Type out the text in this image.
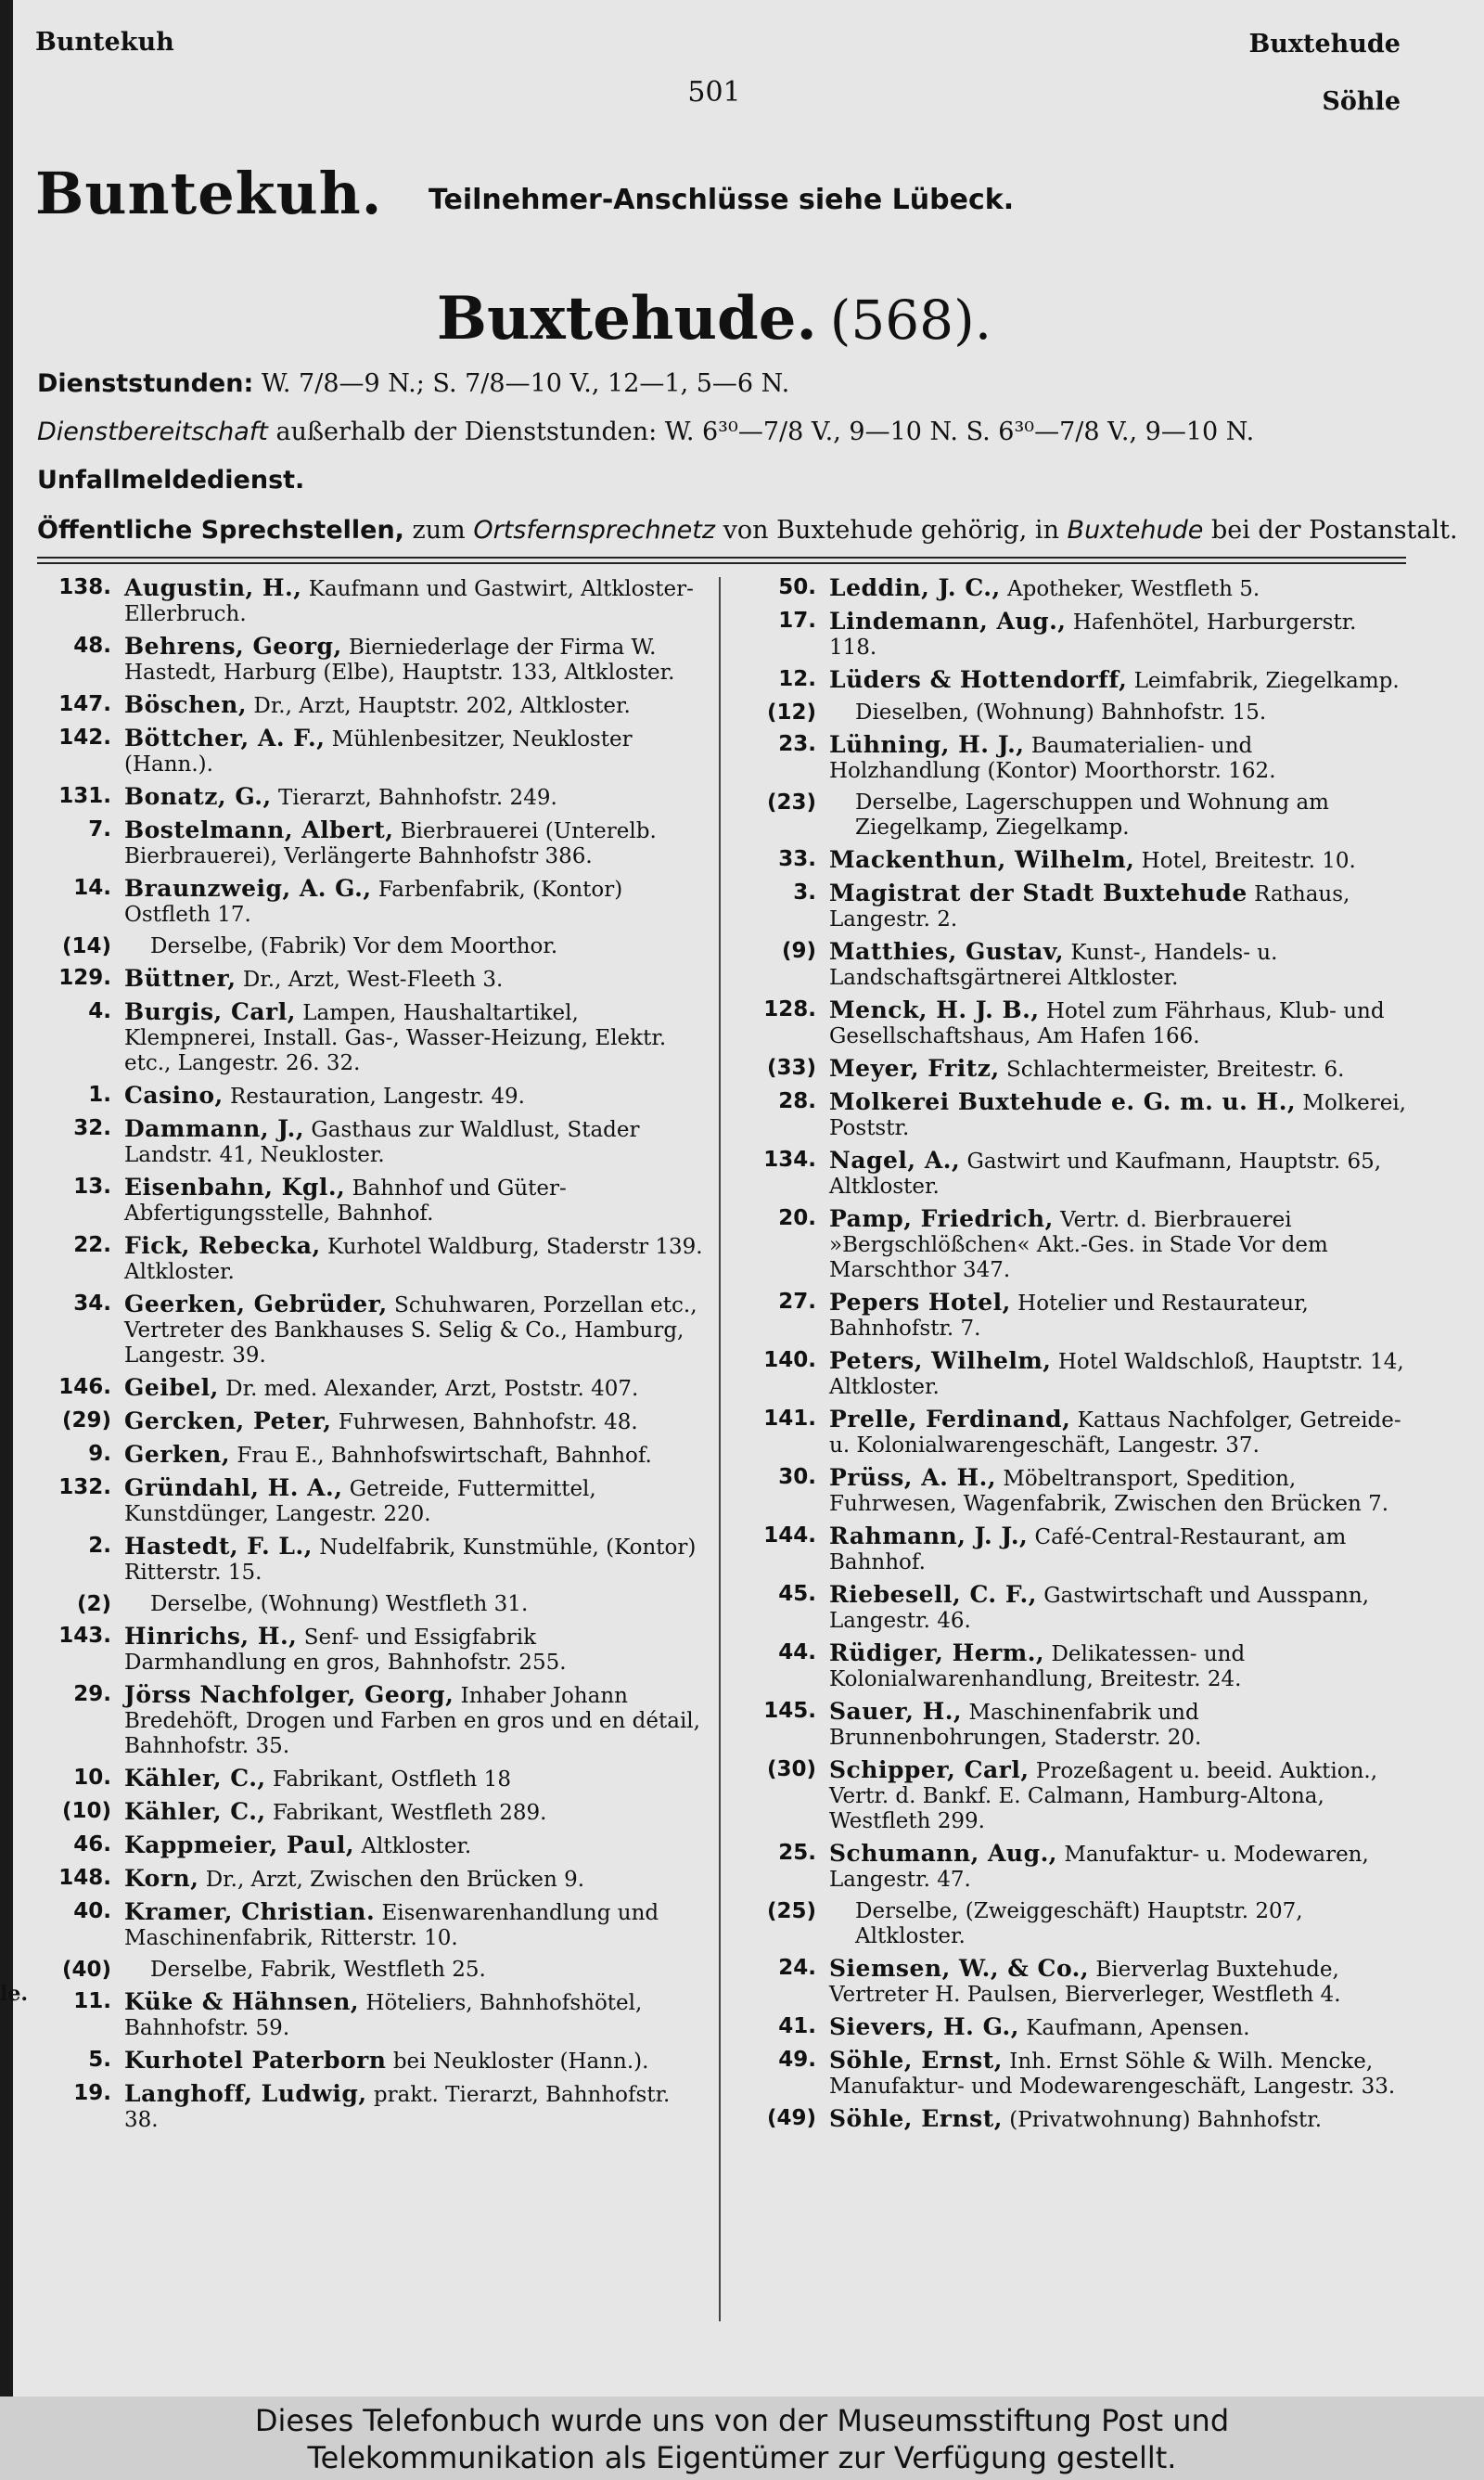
le.
Buntekuh
501
Buxtehude
Söhle
Buntekuh. Teilnehmer-Anschlüsse siehe Lübeck.
Buxtehude. (568).
Dienststunden: W. 7/8—9 N.; S. 7/8—10 V., 12—1, 5—6 N.
Dienstbereitschaft außerhalb der Dienststunden: W. 6³⁰—7/8 V., 9—10 N. S. 6³⁰—7/8 V., 9—10 N.
Unfallmeldedienst.
Öffentliche Sprechstellen, zum Ortsfernsprechnetz von Buxtehude gehörig, in Buxtehude bei der Postanstalt.
138. Augustin, H., Kaufmann und Gastwirt, Altkloster-Ellerbruch.
48. Behrens, Georg, Bierniederlage der Firma W. Hastedt, Harburg (Elbe), Hauptstr. 133, Altkloster.
147. Böschen, Dr., Arzt, Hauptstr. 202, Altkloster.
142. Böttcher, A. F., Mühlenbesitzer, Neukloster (Hann.).
131. Bonatz, G., Tierarzt, Bahnhofstr. 249.
7. Bostelmann, Albert, Bierbrauerei (Unterelb. Bierbrauerei), Verlängerte Bahnhofstr 386.
14. Braunzweig, A. G., Farbenfabrik, (Kontor) Ostfleth 17.
(14)	Derselbe, (Fabrik) Vor dem Moorthor.
129. Büttner, Dr., Arzt, West-Fleeth 3.
4. Burgis, Carl, Lampen, Haushaltartikel, Klempnerei, Install. Gas-, Wasser-Heizung, Elektr. etc., Langestr. 26. 32.
1. Casino, Restauration, Langestr. 49.
32. Dammann, J., Gasthaus zur Waldlust, Stader Landstr. 41, Neukloster.
13. Eisenbahn, Kgl., Bahnhof und Güter-Abfertigungsstelle, Bahnhof.
22. Fick, Rebecka, Kurhotel Waldburg, Staderstr 139. Altkloster.
34. Geerken, Gebrüder, Schuhwaren, Porzellan etc., Vertreter des Bankhauses S. Selig & Co., Hamburg, Langestr. 39.
146. Geibel, Dr. med. Alexander, Arzt, Poststr. 407.
(29) Gercken, Peter, Fuhrwesen, Bahnhofstr. 48.
9. Gerken, Frau E., Bahnhofswirtschaft, Bahnhof.
132. Gründahl, H. A., Getreide, Futtermittel, Kunstdünger, Langestr. 220.
2. Hastedt, F. L., Nudelfabrik, Kunstmühle, (Kontor) Ritterstr. 15.
(2)	Derselbe, (Wohnung) Westfleth 31.
143. Hinrichs, H., Senf- und Essigfabrik Darmhandlung en gros, Bahnhofstr. 255.
29. Jörss Nachfolger, Georg, Inhaber Johann Bredehöft, Drogen und Farben en gros und en détail, Bahnhofstr. 35.
10. Kähler, C., Fabrikant, Ostfleth 18
(10) Kähler, C., Fabrikant, Westfleth 289.
46. Kappmeier, Paul, Altkloster.
148. Korn, Dr., Arzt, Zwischen den Brücken 9.
40. Kramer, Christian. Eisenwarenhandlung und Maschinenfabrik, Ritterstr. 10.
(40)	Derselbe, Fabrik, Westfleth 25.
11. Küke & Hähnsen, Höteliers, Bahnhofshötel, Bahnhofstr. 59.
5. Kurhotel Paterborn bei Neukloster (Hann.).
19. Langhoff, Ludwig, prakt. Tierarzt, Bahnhofstr. 38.
50. Leddin, J. C., Apotheker, Westfleth 5.
17. Lindemann, Aug., Hafenhötel, Harburgerstr. 118.
12. Lüders & Hottendorff, Leimfabrik, Ziegelkamp.
(12)	Dieselben, (Wohnung) Bahnhofstr. 15.
23. Lühning, H. J., Baumaterialien- und Holzhandlung (Kontor) Moorthorstr. 162.
(23)	Derselbe, Lagerschuppen und Wohnung am Ziegelkamp, Ziegelkamp.
33. Mackenthun, Wilhelm, Hotel, Breitestr. 10.
3. Magistrat der Stadt Buxtehude Rathaus, Langestr. 2.
(9) Matthies, Gustav, Kunst-, Handels- u. Landschaftsgärtnerei Altkloster.
128. Menck, H. J. B., Hotel zum Fährhaus, Klub- und Gesellschaftshaus, Am Hafen 166.
(33) Meyer, Fritz, Schlachtermeister, Breitestr. 6.
28. Molkerei Buxtehude e. G. m. u. H., Molkerei, Poststr.
134. Nagel, A., Gastwirt und Kaufmann, Hauptstr. 65, Altkloster.
20. Pamp, Friedrich, Vertr. d. Bierbrauerei »Bergschlößchen« Akt.-Ges. in Stade Vor dem Marschthor 347.
27. Pepers Hotel, Hotelier und Restaurateur, Bahnhofstr. 7.
140. Peters, Wilhelm, Hotel Waldschloß, Hauptstr. 14, Altkloster.
141. Prelle, Ferdinand, Kattaus Nachfolger, Getreide- u. Kolonialwarengeschäft, Langestr. 37.
30. Prüss, A. H., Möbeltransport, Spedition, Fuhrwesen, Wagenfabrik, Zwischen den Brücken 7.
144. Rahmann, J. J., Café-Central-Restaurant, am Bahnhof.
45. Riebesell, C. F., Gastwirtschaft und Ausspann, Langestr. 46.
44. Rüdiger, Herm., Delikatessen- und Kolonialwarenhandlung, Breitestr. 24.
145. Sauer, H., Maschinenfabrik und Brunnenbohrungen, Staderstr. 20.
(30) Schipper, Carl, Prozeßagent u. beeid. Auktion., Vertr. d. Bankf. E. Calmann, Hamburg-Altona, Westfleth 299.
25. Schumann, Aug., Manufaktur- u. Modewaren, Langestr. 47.
(25)	Derselbe, (Zweiggeschäft) Hauptstr. 207, Altkloster.
24. Siemsen, W., & Co., Bierverlag Buxtehude, Vertreter H. Paulsen, Bierverleger, Westfleth 4.
41. Sievers, H. G., Kaufmann, Apensen.
49. Söhle, Ernst, Inh. Ernst Söhle & Wilh. Mencke, Manufaktur- und Modewarengeschäft, Langestr. 33.
(49) Söhle, Ernst, (Privatwohnung) Bahnhofstr.
Dieses Telefonbuch wurde uns von der Museumsstiftung Post und
Telekommunikation als Eigentümer zur Verfügung gestellt.
